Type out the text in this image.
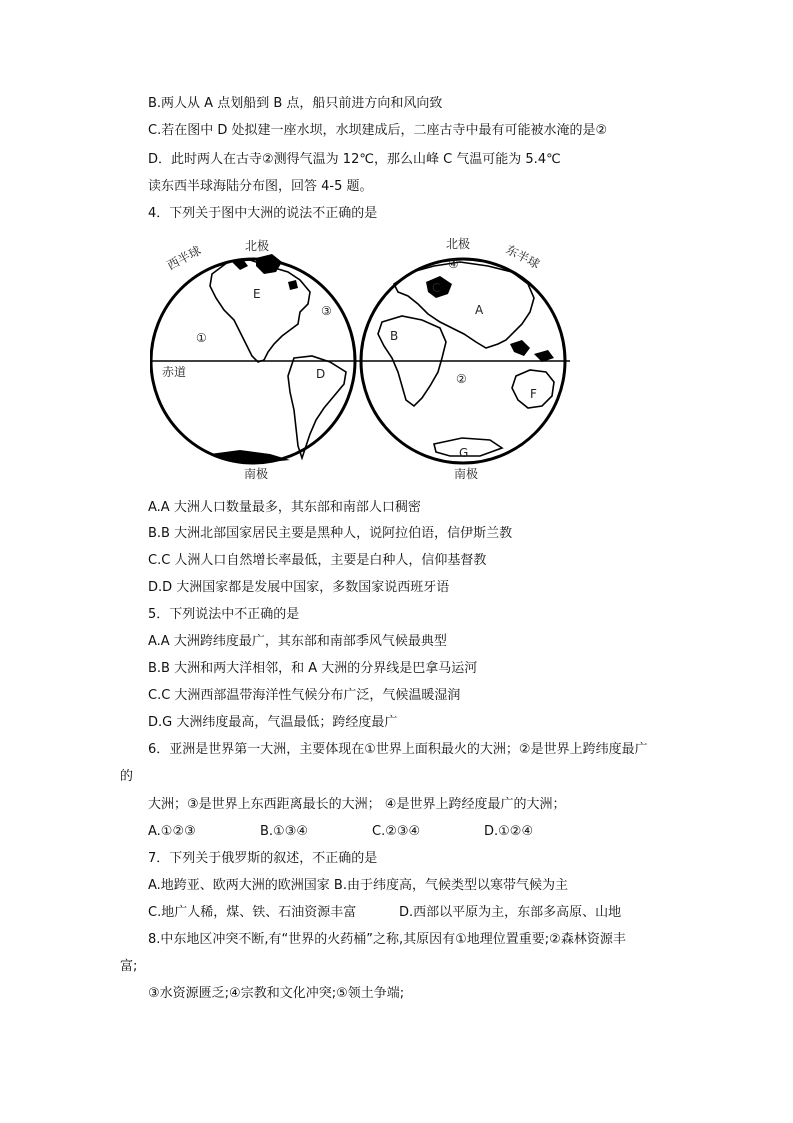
B.两人从 A 点划船到 B 点，船只前进方向和风向致
C.若在图中 D 处拟建一座水坝，水坝建成后，二座古寺中最有可能被水淹的是②
D．此时两人在古寺②测得气温为 12℃，那么山峰 C 气温可能为 5.4℃
读东西半球海陆分布图，回答 4-5 题。
4．下列关于图中大洲的说法不正确的是
西半球	东半球
北极	北极
南极	南极
赤道
E
D
C
A
B
F
G
①
③
④
②
A.A 大洲人口数量最多，其东部和南部人口稠密
B.B 大洲北部国家居民主要是黑种人，说阿拉伯语，信伊斯兰教
C.C 人洲人口自然增长率最低，主要是白种人，信仰基督教
D.D 大洲国家都是发展中国家，多数国家说西班牙语
5．下列说法中不正确的是
A.A 大洲跨纬度最广，其东部和南部季风气候最典型
B.B 大洲和两大洋相邻，和 A 大洲的分界线是巴拿马运河
C.C 大洲西部温带海洋性气候分布广泛，气候温暖湿润
D.G 大洲纬度最高，气温最低；跨经度最广
6．亚洲是世界第一大洲，主要体现在①世界上面积最火的大洲；②是世界上跨纬度最广
的
大洲；③是世界上东西距离最长的大洲； ④是世界上跨经度最广的大洲；
A.①②③	B.①③④	C.②③④	D.①②④
7．下列关于俄罗斯的叙述，不正确的是
A.地跨亚、欧两大洲的欧洲国家 B.由于纬度高，气候类型以寒带气候为主
C.地广人稀，煤、铁、石油资源丰富	D.西部以平原为主，东部多高原、山地
8.中东地区冲突不断,有“世界的火药桶”之称,其原因有①地理位置重要;②森林资源丰
富;
③水资源匮乏;④宗教和文化冲突;⑤领土争端;
